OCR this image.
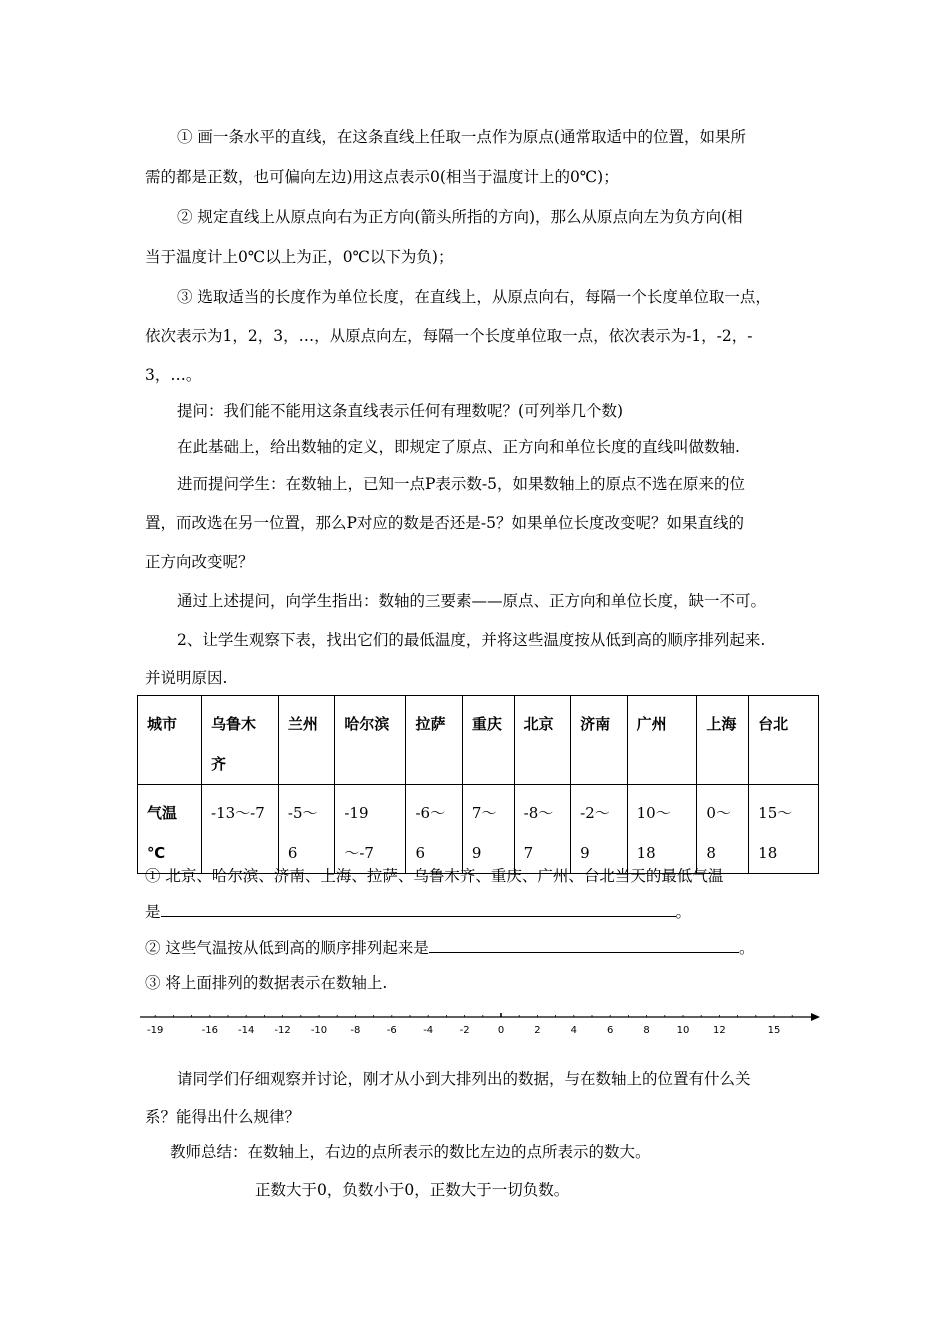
① 画一条水平的直线，在这条直线上任取一点作为原点(通常取适中的位置，如果所
需的都是正数，也可偏向左边)用这点表示0(相当于温度计上的0℃)；
② 规定直线上从原点向右为正方向(箭头所指的方向)，那么从原点向左为负方向(相
当于温度计上0℃以上为正，0℃以下为负)；
③ 选取适当的长度作为单位长度，在直线上，从原点向右，每隔一个长度单位取一点，
依次表示为1，2，3，…，从原点向左，每隔一个长度单位取一点，依次表示为-1，-2，-
3，…。
提问：我们能不能用这条直线表示任何有理数呢？(可列举几个数)
在此基础上，给出数轴的定义，即规定了原点、正方向和单位长度的直线叫做数轴.
进而提问学生：在数轴上，已知一点P表示数-5，如果数轴上的原点不选在原来的位
置，而改选在另一位置，那么P对应的数是否还是-5？如果单位长度改变呢？如果直线的
正方向改变呢？
通过上述提问，向学生指出：数轴的三要素——原点、正方向和单位长度，缺一不可。
2、让学生观察下表，找出它们的最低温度，并将这些温度按从低到高的顺序排列起来.
并说明原因.
城市	乌鲁木齐	兰州	哈尔滨	拉萨	重庆	北京	济南	广州	上海	台北
气温
℃	-13～-7	-5～6	-19～-7	-6～6	7～9	-8～7	-2～9	10～18	0～8	15～18
① 北京、哈尔滨、济南、上海、拉萨、乌鲁木齐、重庆、广州、台北当天的最低气温
是	。
② 这些气温按从低到高的顺序排列起来是	。
③ 将上面排列的数据表示在数轴上.
-19	-16 -14 -12 -10 -8	-6	-4	-2	0	2	4	6	8	10 12	15
请同学们仔细观察并讨论，刚才从小到大排列出的数据，与在数轴上的位置有什么关
系？能得出什么规律？
教师总结：在数轴上，右边的点所表示的数比左边的点所表示的数大。
正数大于0，负数小于0，正数大于一切负数。
